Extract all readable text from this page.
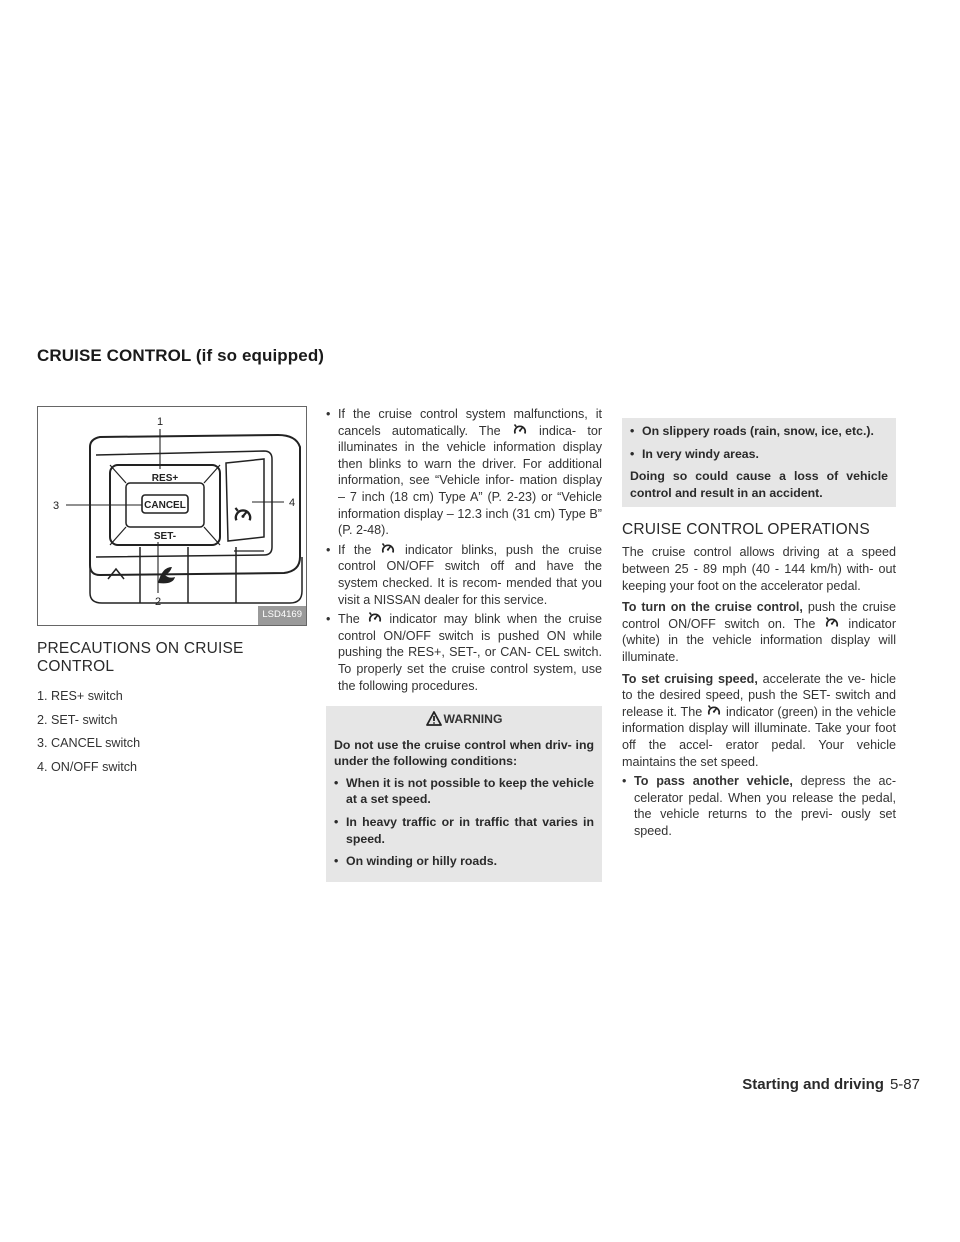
CRUISE CONTROL (if so equipped)
CANCEL
RES+
SET-
1
2
3	4
LSD4169
PRECAUTIONS ON CRUISE
CONTROL
1. RES+ switch
2. SET- switch
3. CANCEL switch
4. ON/OFF switch
• If the cruise control system malfunctions, it cancels automatically. The	indica- tor illuminates in the vehicle information display then blinks to warn the driver. For additional information, see “Vehicle infor- mation display – 7 inch (18 cm) Type A” (P. 2-23) or “Vehicle information display – 12.3 inch (31 cm) Type B” (P. 2-48).
• If the	indicator blinks, push the cruise control ON/OFF switch off and have the system checked. It is recom- mended that you visit a NISSAN dealer for this service.
• The indicator may blink when the cruise control ON/OFF switch is pushed ON while pushing the RES+, SET-, or CAN- CEL switch. To properly set the cruise control system, use the following procedures.
WARNING

Do not use the cruise control when driv- ing under the following conditions:

• When it is not possible to keep the vehicle at a set speed.
• In heavy traffic or in traffic that varies in speed.
• On winding or hilly roads.
• On slippery roads (rain, snow, ice, etc.).
• In very windy areas.

Doing so could cause a loss of vehicle control and result in an accident.

CRUISE CONTROL OPERATIONS

The cruise control allows driving at a speed between 25 - 89 mph (40 - 144 km/h) with- out keeping your foot on the accelerator pedal.

To turn on the cruise control, push the cruise control ON/OFF switch on. The	indicator (white) in the vehicle information display will illuminate.

To set cruising speed, accelerate the ve- hicle to the desired speed, push the SET- switch and release it. The indicator (green) in the vehicle information display will illuminate. Take your foot off the accel- erator pedal. Your vehicle maintains the set speed.

• To pass another vehicle, depress the ac- celerator pedal. When you release the pedal, the vehicle returns to the previ- ously set speed.
Starting and driving 5-87
